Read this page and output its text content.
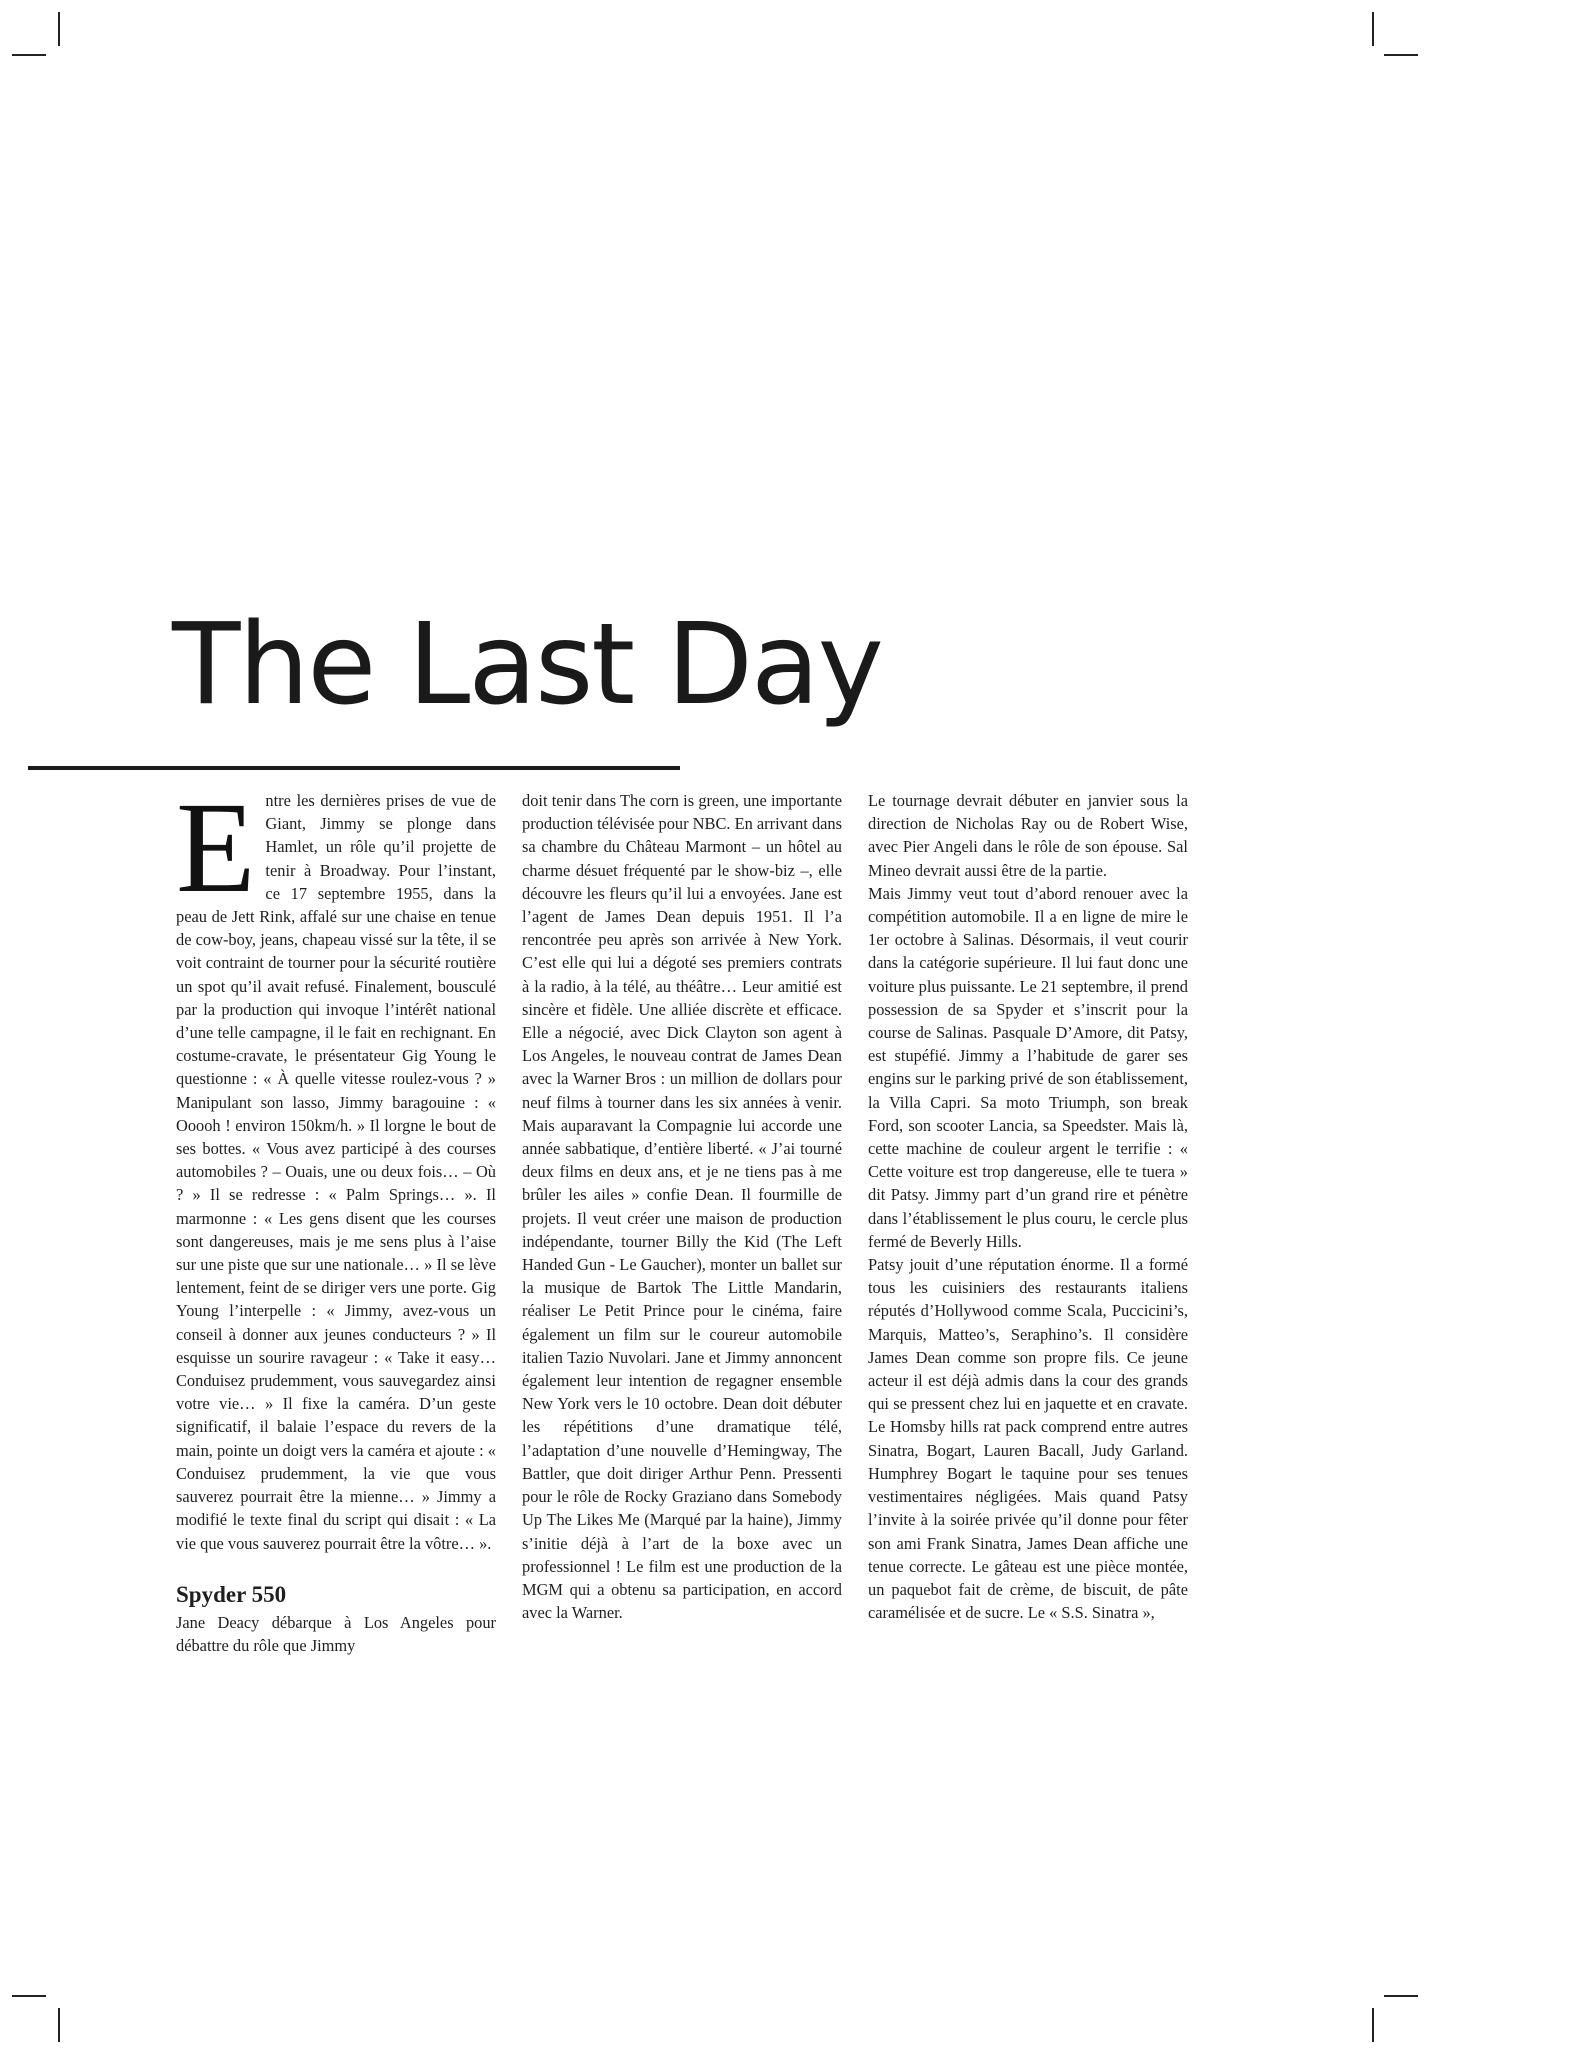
The Last Day

Entre les dernières prises de vue de Giant, Jimmy se plonge dans Hamlet, un rôle qu’il projette de tenir à Broadway. Pour l’instant, ce 17 septembre 1955, dans la peau de Jett Rink, affalé sur une chaise en tenue de cow-boy, jeans, chapeau vissé sur la tête, il se voit contraint de tourner pour la sécurité routière un spot qu’il avait refusé. Finalement, bousculé par la production qui invoque l’intérêt national d’une telle campagne, il le fait en rechignant. En costume-cravate, le présentateur Gig Young le questionne : « À quelle vitesse roulez-vous ? » Manipulant son lasso, Jimmy baragouine : « Ooooh ! environ 150km/h. » Il lorgne le bout de ses bottes. « Vous avez participé à des courses automobiles ? – Ouais, une ou deux fois… – Où ? » Il se redresse : « Palm Springs… ». Il marmonne : « Les gens disent que les courses sont dangereuses, mais je me sens plus à l’aise sur une piste que sur une nationale… » Il se lève lentement, feint de se diriger vers une porte. Gig Young l’interpelle : « Jimmy, avez-vous un conseil à donner aux jeunes conducteurs ? » Il esquisse un sourire ravageur : « Take it easy… Conduisez prudemment, vous sauvegardez ainsi votre vie… » Il fixe la caméra. D’un geste significatif, il balaie l’espace du revers de la main, pointe un doigt vers la caméra et ajoute : « Conduisez prudemment, la vie que vous sauverez pourrait être la mienne… » Jimmy a modifié le texte final du script qui disait : « La vie que vous sauverez pourrait être la vôtre… ».

Spyder 550

Jane Deacy débarque à Los Angeles pour débattre du rôle que Jimmy

doit tenir dans The corn is green, une importante production télévisée pour NBC. En arrivant dans sa chambre du Château Marmont – un hôtel au charme désuet fréquenté par le show-biz –, elle découvre les fleurs qu’il lui a envoyées. Jane est l’agent de James Dean depuis 1951. Il l’a rencontrée peu après son arrivée à New York. C’est elle qui lui a dégoté ses premiers contrats à la radio, à la télé, au théâtre… Leur amitié est sincère et fidèle. Une alliée discrète et efficace. Elle a négocié, avec Dick Clayton son agent à Los Angeles, le nouveau contrat de James Dean avec la Warner Bros : un million de dollars pour neuf films à tourner dans les six années à venir. Mais auparavant la Compagnie lui accorde une année sabbatique, d’entière liberté. « J’ai tourné deux films en deux ans, et je ne tiens pas à me brûler les ailes » confie Dean. Il fourmille de projets. Il veut créer une maison de production indépendante, tourner Billy the Kid (The Left Handed Gun - Le Gaucher), monter un ballet sur la musique de Bartok The Little Mandarin, réaliser Le Petit Prince pour le cinéma, faire également un film sur le coureur automobile italien Tazio Nuvolari. Jane et Jimmy annoncent également leur intention de regagner ensemble New York vers le 10 octobre. Dean doit débuter les répétitions d’une dramatique télé, l’adaptation d’une nouvelle d’Hemingway, The Battler, que doit diriger Arthur Penn. Pressenti pour le rôle de Rocky Graziano dans Somebody Up The Likes Me (Marqué par la haine), Jimmy s’initie déjà à l’art de la boxe avec un professionnel ! Le film est une production de la MGM qui a obtenu sa participation, en accord avec la Warner.

Le tournage devrait débuter en janvier sous la direction de Nicholas Ray ou de Robert Wise, avec Pier Angeli dans le rôle de son épouse. Sal Mineo devrait aussi être de la partie.

Mais Jimmy veut tout d’abord renouer avec la compétition automobile. Il a en ligne de mire le 1er octobre à Salinas. Désormais, il veut courir dans la catégorie supérieure. Il lui faut donc une voiture plus puissante. Le 21 septembre, il prend possession de sa Spyder et s’inscrit pour la course de Salinas. Pasquale D’Amore, dit Patsy, est stupéfié. Jimmy a l’habitude de garer ses engins sur le parking privé de son établissement, la Villa Capri. Sa moto Triumph, son break Ford, son scooter Lancia, sa Speedster. Mais là, cette machine de couleur argent le terrifie : « Cette voiture est trop dangereuse, elle te tuera » dit Patsy. Jimmy part d’un grand rire et pénètre dans l’établissement le plus couru, le cercle plus fermé de Beverly Hills.

Patsy jouit d’une réputation énorme. Il a formé tous les cuisiniers des restaurants italiens réputés d’Hollywood comme Scala, Puccicini’s, Marquis, Matteo’s, Seraphino’s. Il considère James Dean comme son propre fils. Ce jeune acteur il est déjà admis dans la cour des grands qui se pressent chez lui en jaquette et en cravate. Le Homsby hills rat pack comprend entre autres Sinatra, Bogart, Lauren Bacall, Judy Garland. Humphrey Bogart le taquine pour ses tenues vestimentaires négligées. Mais quand Patsy l’invite à la soirée privée qu’il donne pour fêter son ami Frank Sinatra, James Dean affiche une tenue correcte. Le gâteau est une pièce montée, un paquebot fait de crème, de biscuit, de pâte caramélisée et de sucre. Le « S.S. Sinatra »,
